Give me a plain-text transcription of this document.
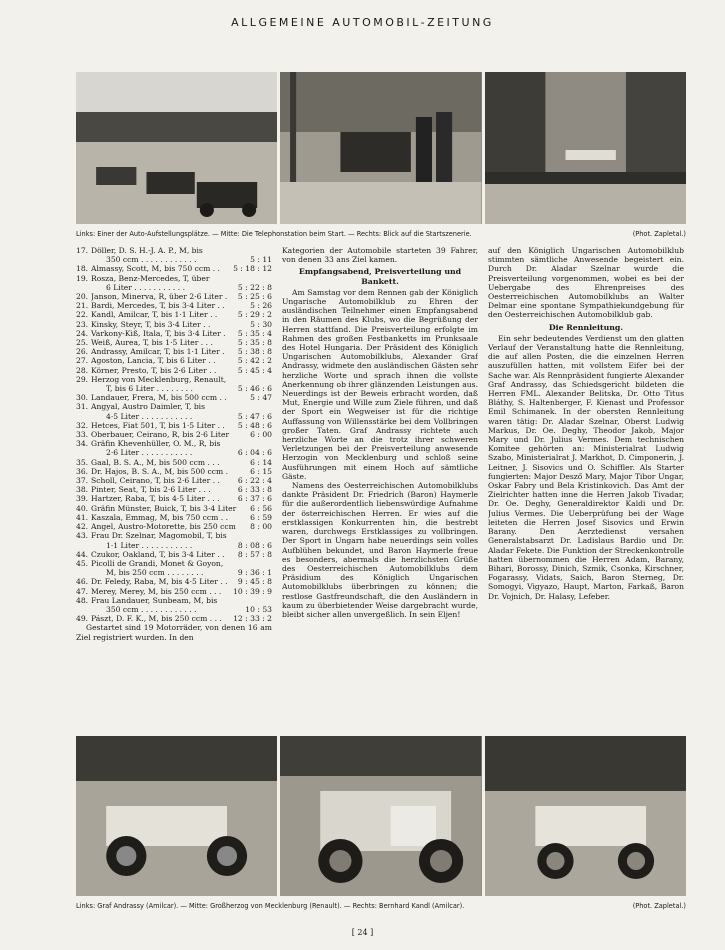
ALLGEMEINE AUTOMOBIL-ZEITUNG
Links: Einer der Auto-Aufstellungsplätze. — Mitte: Die Telephonstation beim Start. — Rechts: Blick auf die Startszenerie.	(Phot. Zapletal.)
17. Döller, D. S. H.-J. A. P., M, bis
350 ccm . . . . . . . . . . . .	5 : 11
18. Almassy, Scott, M, bis 750 ccm . .	5 : 18 : 12
19. Rosza, Benz-Mercedes, T, über
6 Liter . . . . . . . . . . .	5 : 22 : 8
20. Janson, Minerva, R, über 2·6 Liter .	5 : 25 : 6
21. Bardi, Mercedes, T, bis 3·4 Liter . .	5 : 26
22. Kandl, Amilcar, T, bis 1·1 Liter . .	5 : 29 : 2
23. Kinsky, Steyr, T, bis 3·4 Liter . .	5 : 30
24. Varkony-Kiß, Itala, T, bis 3·4 Liter .	5 : 35 : 4
25. Weiß, Aurea, T, bis 1·5 Liter . . .	5 : 35 : 8
26. Andrassy, Amilcar, T, bis 1·1 Liter .	5 : 38 : 8
27. Agoston, Lancia, T, bis 6 Liter . .	5 : 42 : 2
28. Körner, Presto, T, bis 2·6 Liter . .	5 : 45 : 4
29. Herzog von Mecklenburg, Renault,
T, bis 6 Liter . . . . . . . .	5 : 46 : 6
30. Landauer, Frera, M, bis 500 ccm . .	5 : 47
31. Angyal, Austro Daimler, T, bis
4·5 Liter . . . . . . . . . . .	5 : 47 : 6
32. Hetces, Fiat 501, T, bis 1·5 Liter . .	5 : 48 : 6
33. Oberbauer, Ceirano, R, bis 2·6 Liter	6 : 00
34. Gräfin Khevenhüller, O. M., R, bis
2·6 Liter . . . . . . . . . . .	6 : 04 : 6
35. Gaal, B. S. A., M, bis 500 ccm . . .	6 : 14
36. Dr. Hajos, B. S. A., M, bis 500 ccm .	6 : 15
37. Scholl, Ceirano, T, bis 2·6 Liter . .	6 : 22 : 4
38. Pinter, Seat, T, bis 2·6 Liter . . .	6 : 33 : 8
39. Hartzer, Raba, T, bis 4·5 Liter . . .	6 : 37 : 6
40. Gräfin Münster, Buick, T, bis 3·4 Liter	6 : 56
41. Kaszala, Emmag, M, bis 750 ccm . .	6 : 59
42. Angel, Austro-Motorette, bis 250 ccm	8 : 00
43. Frau Dr. Szelnar, Magomobil, T, bis
1·1 Liter . . . . . . . . . . .	8 : 08 : 6
44. Czukor, Oakland, T, bis 3·4 Liter . .	8 : 57 : 8
45. Picolli de Grandi, Monet & Goyon,
M, bis 250 ccm . . . . . . . .	9 : 36 : 1
46. Dr. Feledy, Raba, M, bis 4·5 Liter . .	9 : 45 : 8
47. Merey, Merey, M, bis 250 ccm . . .	10 : 39 : 9
48. Frau Landauer, Sunbeam, M, bis
350 ccm . . . . . . . . . . . .	10 : 53
49. Pászt, D. F. K., M, bis 250 ccm . . .	12 : 33 : 2

Gestartet sind 19 Motorräder, von denen 16 am Ziel registriert wurden. In den

Kategorien der Automobile starteten 39 Fahrer, von denen 33 ans Ziel kamen.

Empfangsabend, Preisverteilung und Bankett.

Am Samstag vor dem Rennen gab der Königlich Ungarische Automobilklub zu Ehren der ausländischen Teilnehmer einen Empfangsabend in den Räumen des Klubs, wo die Begrüßung der Herren stattfand. Die Preisverteilung erfolgte im Rahmen des großen Festbanketts im Prunksaale des Hotel Hungaria. Der Präsident des Königlich Ungarischen Automobilklubs, Alexander Graf Andrassy, widmete den ausländischen Gästen sehr herzliche Worte und sprach ihnen die vollste Anerkennung ob ihrer glänzenden Leistungen aus. Neuerdings ist der Beweis erbracht worden, daß Mut, Energie und Wille zum Ziele führen, und daß der Sport ein Wegweiser ist für die richtige Auffassung von Willensstärke bei dem Vollbringen großer Taten. Graf Andrassy richtete auch herzliche Worte an die trotz ihrer schweren Verletzungen bei der Preisverteilung anwesende Herzogin von Mecklenburg und schloß seine Ausführungen mit einem Hoch auf sämtliche Gäste.

Namens des Oesterreichischen Automobilklubs dankte Präsident Dr. Friedrich (Baron) Haymerle für die außerordentlich liebenswürdige Aufnahme der österreichischen Herren. Er wies auf die erstklassigen Konkurrenten hin, die bestrebt waren, durchwegs Erstklassiges zu vollbringen. Der Sport in Ungarn habe neuerdings sein volles Aufblühen bekundet, und Baron Haymerle freue es besonders, abermals die herzlichsten Grüße des Oesterreichischen Automobilklubs dem Präsidium des Königlich Ungarischen Automobilklubs überbringen zu können; die restlose Gastfreundschaft, die den Ausländern in kaum zu überbietender Weise dargebracht wurde, bleibt sicher allen unvergeßlich. In sein Eljen!

auf den Königlich Ungarischen Automobilklub stimmten sämtliche Anwesende begeistert ein. Durch Dr. Aladar Szelnar wurde die Preisverteilung vorgenommen, wobei es bei der Uebergabe des Ehrenpreises des Oesterreichischen Automobilklubs an Walter Delmar eine spontane Sympathiekundgebung für den Oesterreichischen Automobilklub gab.

Die Rennleitung.

Ein sehr bedeutendes Verdienst um den glatten Verlauf der Veranstaltung hatte die Rennleitung, die auf allen Posten, die die einzelnen Herren auszufüllen hatten, mit vollstem Eifer bei der Sache war. Als Rennpräsident fungierte Alexander Graf Andrassy, das Schiedsgericht bildeten die Herren FML. Alexander Belitska, Dr. Otto Titus Bláthy, S. Haltenberger, F. Kienast und Professor Emil Schimanek. In der obersten Rennleitung waren tätig: Dr. Aladar Szelnar, Oberst Ludwig Markus, Dr. Oe. Deghy, Theodor Jakob, Major Mary und Dr. Julius Vermes. Dem technischen Komitee gehörten an: Ministerialrat Ludwig Szabo, Ministerialrat J. Markhot, D. Cimponerin, J. Leitner, J. Sisovics und O. Schiffler. Als Starter fungierten: Major Desző Mary, Major Tibor Ungar, Oskar Fabry und Bela Kristinkovich. Das Amt der Zielrichter hatten inne die Herren Jakob Tivadar, Dr. Oe. Deghy, Generaldirektor Kaldi und Dr. Julius Vermes. Die Ueberprüfung bei der Wage leiteten die Herren Josef Sisovics und Erwin Barany. Den Aerztedienst versahen Generalstabsarzt Dr. Ladislaus Bardio und Dr. Aladar Fekete. Die Funktion der Streckenkontrolle hatten übernommen die Herren Adam, Barany, Bihari, Borossy, Dinich, Szmik, Csonka, Kirschner, Fogarassy, Vidats, Saich, Baron Sterneg, Dr. Somogyi, Vigyazo, Haupt, Marton, Farkaß, Baron Dr. Vojnich, Dr. Halasy, Lefeber.

Links: Graf Andrassy (Amilcar). — Mitte: Großherzog von Mecklenburg (Renault). — Rechts: Bernhard Kandl (Amilcar).	(Phot. Zapletal.)
[ 24 ]
